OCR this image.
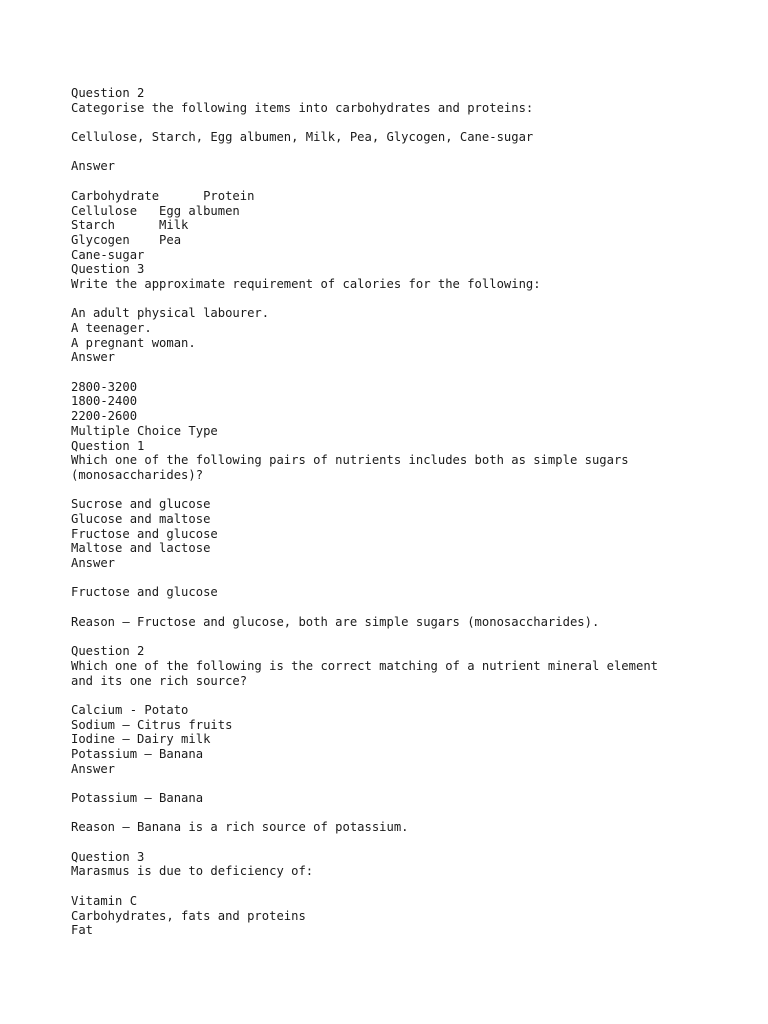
Question 2
Categorise the following items into carbohydrates and proteins:
Cellulose, Starch, Egg albumen, Milk, Pea, Glycogen, Cane-sugar
Answer
Carbohydrate      Protein
Cellulose   Egg albumen
Starch      Milk
Glycogen    Pea
Cane-sugar
Question 3
Write the approximate requirement of calories for the following:
An adult physical labourer.
A teenager.
A pregnant woman.
Answer
2800-3200
1800-2400
2200-2600
Multiple Choice Type
Question 1
Which one of the following pairs of nutrients includes both as simple sugars
(monosaccharides)?
Sucrose and glucose
Glucose and maltose
Fructose and glucose
Maltose and lactose
Answer
Fructose and glucose
Reason — Fructose and glucose, both are simple sugars (monosaccharides).
Question 2
Which one of the following is the correct matching of a nutrient mineral element
and its one rich source?
Calcium - Potato
Sodium – Citrus fruits
Iodine – Dairy milk
Potassium – Banana
Answer
Potassium – Banana
Reason — Banana is a rich source of potassium.
Question 3
Marasmus is due to deficiency of:
Vitamin C
Carbohydrates, fats and proteins
Fat
